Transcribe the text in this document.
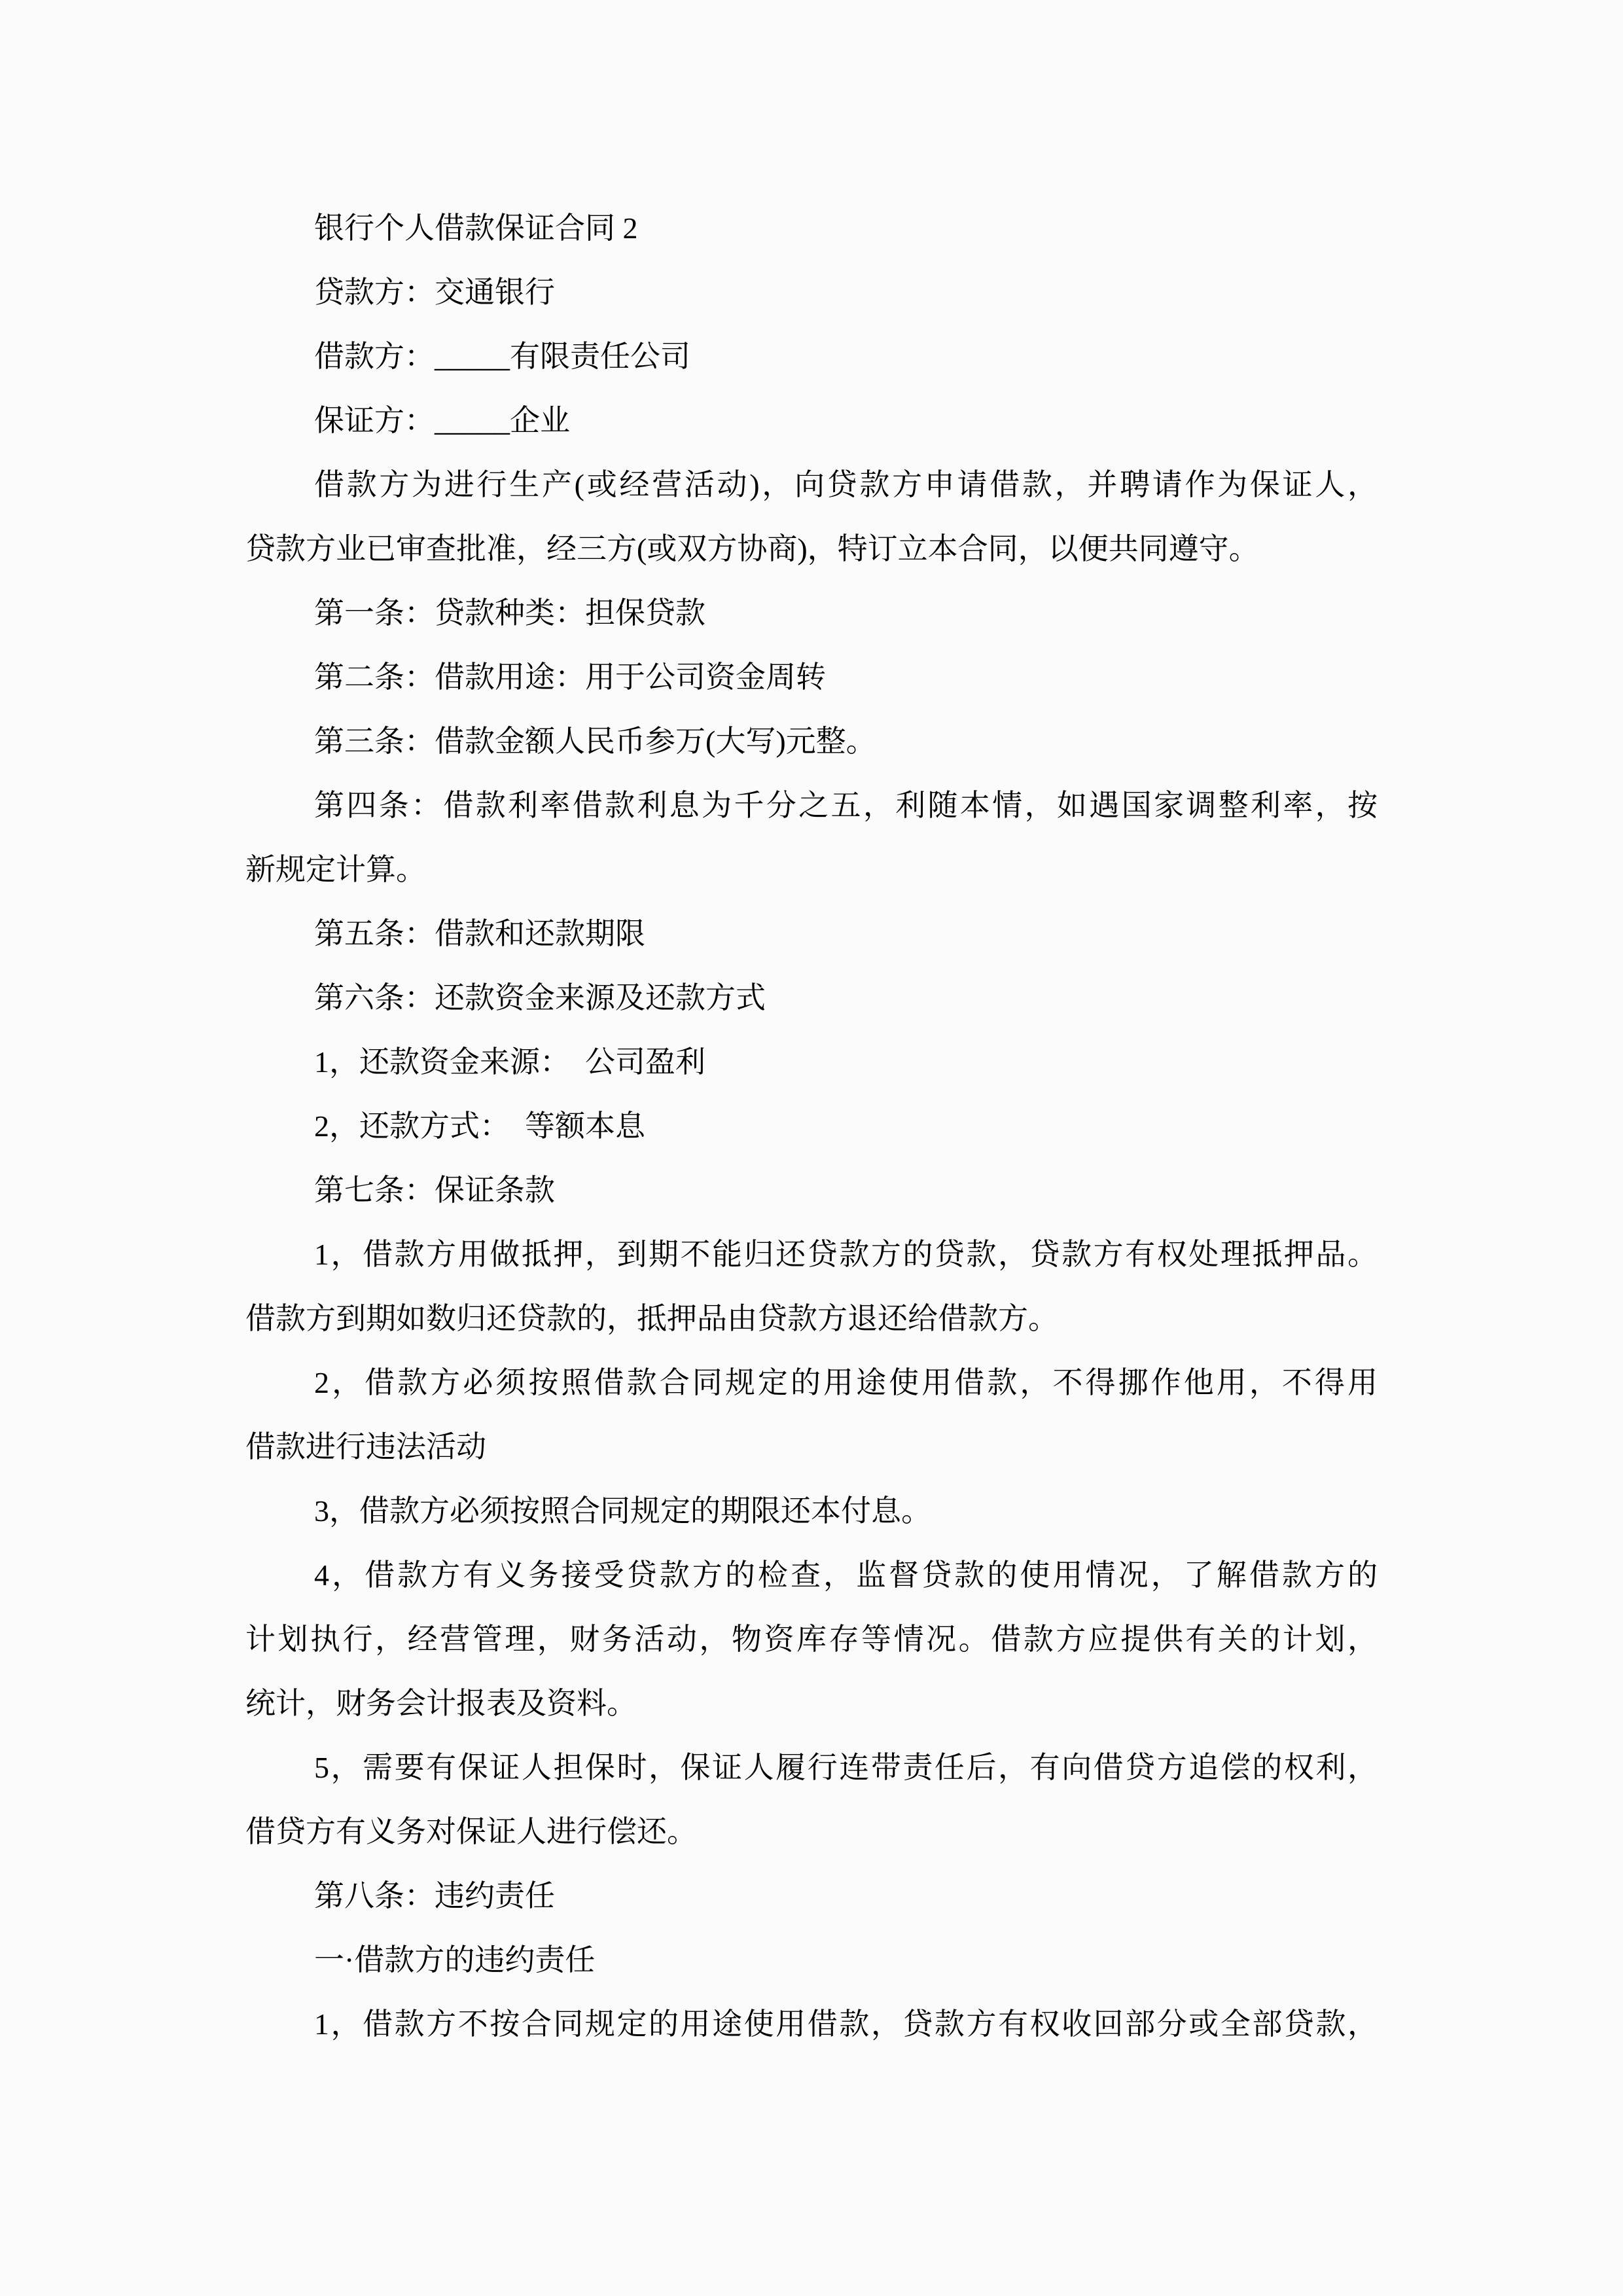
银行个人借款保证合同 2
贷款方：交通银行
借款方：_____有限责任公司
保证方：_____企业
借款方为进行生产(或经营活动)，向贷款方申请借款，并聘请作为保证人，
贷款方业已审查批准，经三方(或双方协商)，特订立本合同，以便共同遵守。
第一条：贷款种类：担保贷款
第二条：借款用途：用于公司资金周转
第三条：借款金额人民币参万(大写)元整。
第四条：借款利率借款利息为千分之五，利随本情，如遇国家调整利率，按
新规定计算。
第五条：借款和还款期限
第六条：还款资金来源及还款方式
1，还款资金来源：　公司盈利
2，还款方式：　等额本息
第七条：保证条款
1，借款方用做抵押，到期不能归还贷款方的贷款，贷款方有权处理抵押品。
借款方到期如数归还贷款的，抵押品由贷款方退还给借款方。
2，借款方必须按照借款合同规定的用途使用借款，不得挪作他用，不得用
借款进行违法活动
3，借款方必须按照合同规定的期限还本付息。
4，借款方有义务接受贷款方的检查，监督贷款的使用情况，了解借款方的
计划执行，经营管理，财务活动，物资库存等情况。借款方应提供有关的计划，
统计，财务会计报表及资料。
5，需要有保证人担保时，保证人履行连带责任后，有向借贷方追偿的权利，
借贷方有义务对保证人进行偿还。
第八条：违约责任
一·借款方的违约责任
1，借款方不按合同规定的用途使用借款，贷款方有权收回部分或全部贷款，
